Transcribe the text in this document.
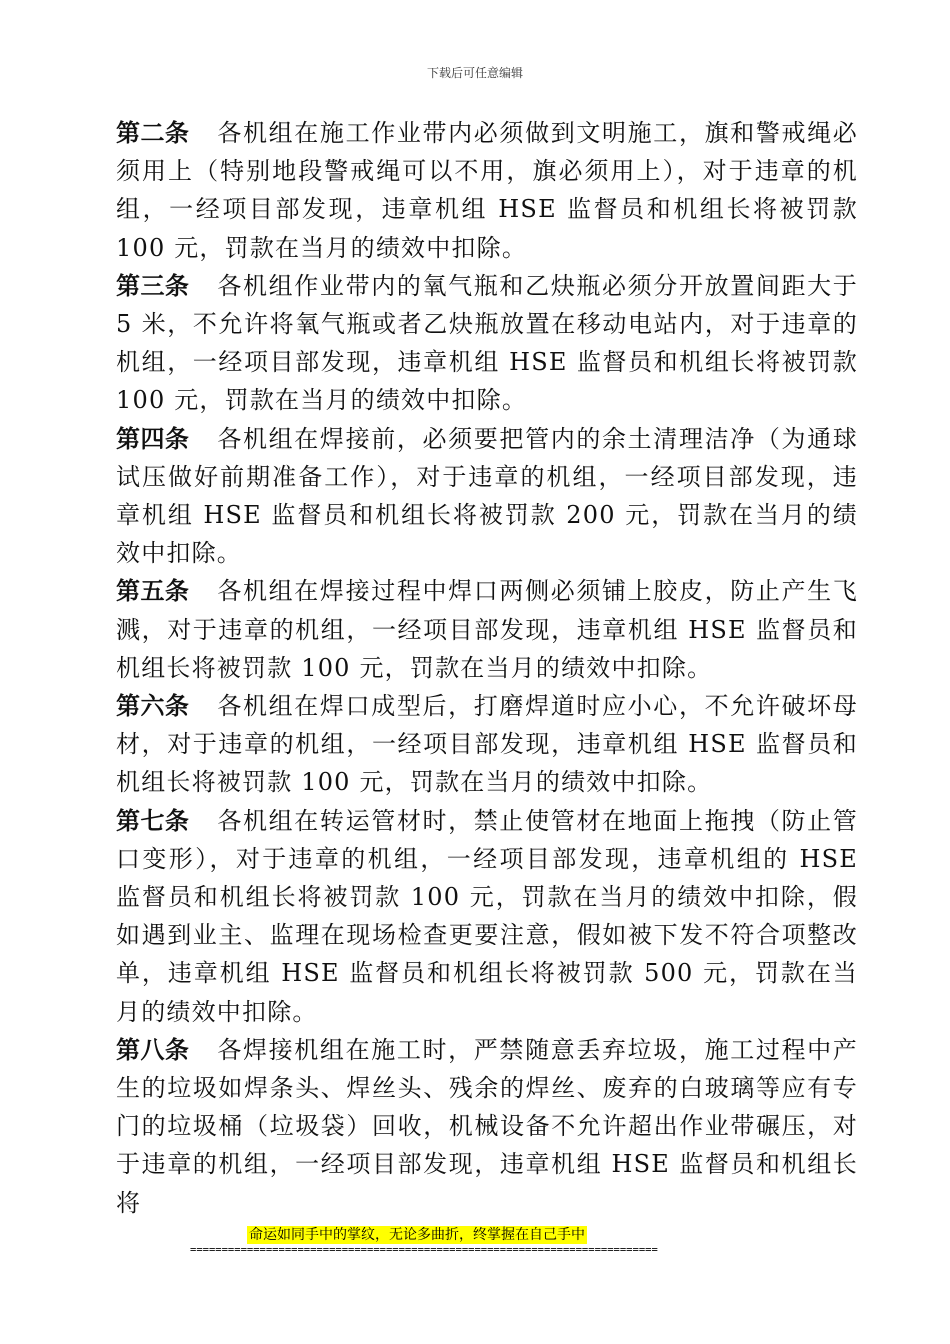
下载后可任意编辑

第二条 各机组在施工作业带内必须做到文明施工，旗和警戒绳必须用上（特别地段警戒绳可以不用，旗必须用上），对于违章的机组，一经项目部发现，违章机组 HSE 监督员和机组长将被罚款 100 元，罚款在当月的绩效中扣除。

第三条 各机组作业带内的氧气瓶和乙炔瓶必须分开放置间距大于 5 米，不允许将氧气瓶或者乙炔瓶放置在移动电站内，对于违章的机组，一经项目部发现，违章机组 HSE 监督员和机组长将被罚款 100 元，罚款在当月的绩效中扣除。

第四条 各机组在焊接前，必须要把管内的余土清理洁净（为通球试压做好前期准备工作），对于违章的机组，一经项目部发现，违章机组 HSE 监督员和机组长将被罚款 200 元，罚款在当月的绩效中扣除。

第五条 各机组在焊接过程中焊口两侧必须铺上胶皮，防止产生飞溅，对于违章的机组，一经项目部发现，违章机组 HSE 监督员和机组长将被罚款 100 元，罚款在当月的绩效中扣除。

第六条 各机组在焊口成型后，打磨焊道时应小心，不允许破坏母材，对于违章的机组，一经项目部发现，违章机组 HSE 监督员和机组长将被罚款 100 元，罚款在当月的绩效中扣除。

第七条 各机组在转运管材时，禁止使管材在地面上拖拽（防止管口变形），对于违章的机组，一经项目部发现，违章机组的 HSE 监督员和机组长将被罚款 100 元，罚款在当月的绩效中扣除，假如遇到业主、监理在现场检查更要注意，假如被下发不符合项整改单，违章机组 HSE 监督员和机组长将被罚款 500 元，罚款在当月的绩效中扣除。

第八条 各焊接机组在施工时，严禁随意丢弃垃圾，施工过程中产生的垃圾如焊条头、焊丝头、残余的焊丝、废弃的白玻璃等应有专门的垃圾桶（垃圾袋）回收，机械设备不允许超出作业带碾压，对于违章的机组，一经项目部发现，违章机组 HSE 监督员和机组长将

命运如同手中的掌纹，无论多曲折，终掌握在自己手中
==========================================================================
